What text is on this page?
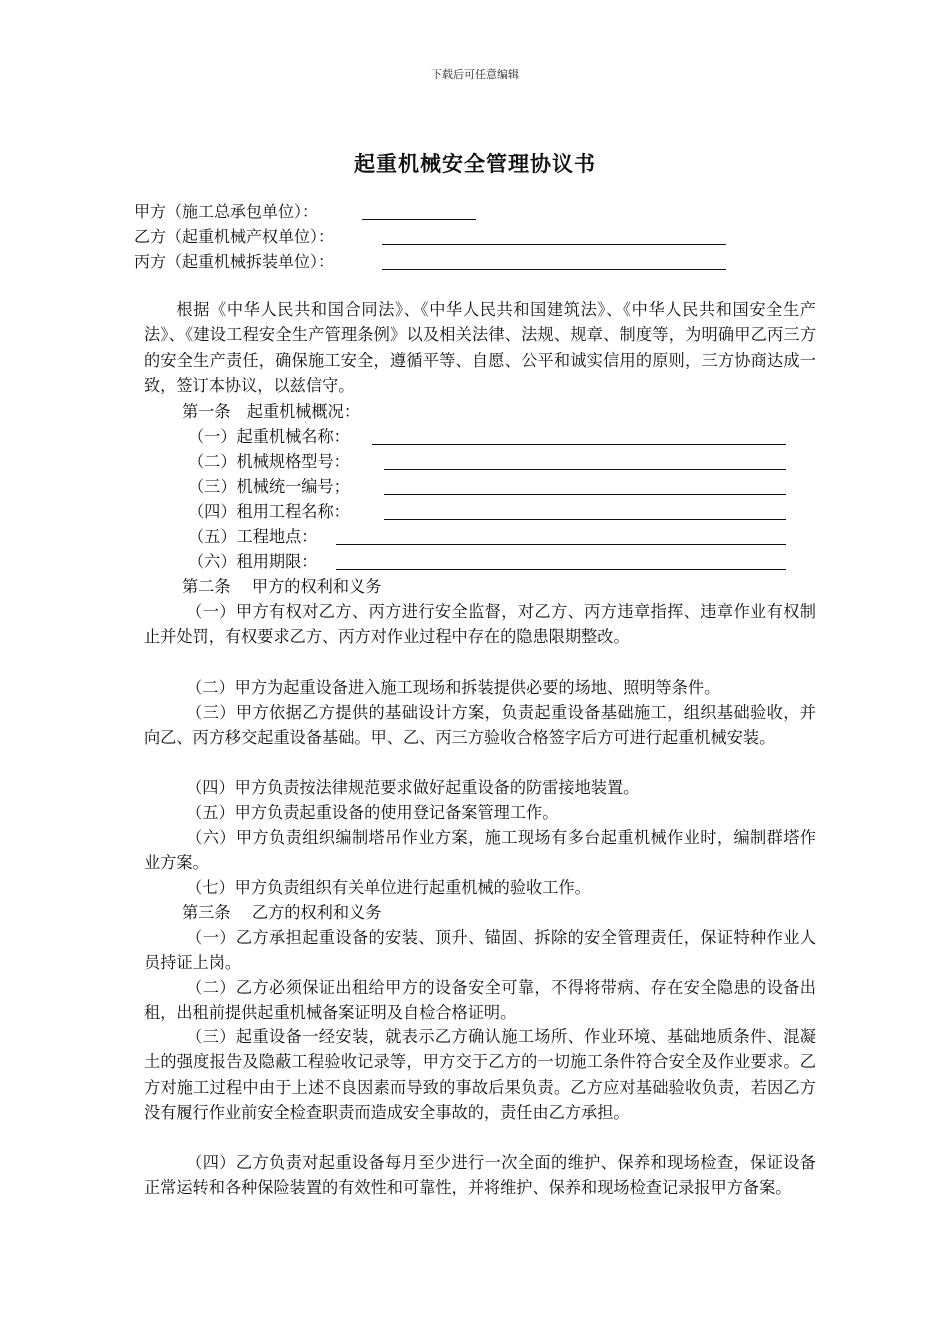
下载后可任意编辑
起重机械安全管理协议书
甲方（施工总承包单位）：
乙方（起重机械产权单位）：
丙方（起重机械拆装单位）：
根据《中华人民共和国合同法》、《中华人民共和国建筑法》、《中华人民共和国安全生产法》、《建设工程安全生产管理条例》以及相关法律、法规、规章、制度等，为明确甲乙丙三方的安全生产责任，确保施工安全，遵循平等、自愿、公平和诚实信用的原则，三方协商达成一致，签订本协议，以兹信守。
第一条　起重机械概况：
（一）起重机械名称：
（二）机械规格型号：
（三）机械统一编号；
（四）租用工程名称：
（五）工程地点：
（六）租用期限：
第二条　 甲方的权利和义务
（一）甲方有权对乙方、丙方进行安全监督，对乙方、丙方违章指挥、违章作业有权制止并处罚，有权要求乙方、丙方对作业过程中存在的隐患限期整改。
（二）甲方为起重设备进入施工现场和拆装提供必要的场地、照明等条件。
（三）甲方依据乙方提供的基础设计方案，负责起重设备基础施工，组织基础验收，并向乙、丙方移交起重设备基础。甲、乙、丙三方验收合格签字后方可进行起重机械安装。
（四）甲方负责按法律规范要求做好起重设备的防雷接地装置。
（五）甲方负责起重设备的使用登记备案管理工作。
（六）甲方负责组织编制塔吊作业方案，施工现场有多台起重机械作业时，编制群塔作业方案。
（七）甲方负责组织有关单位进行起重机械的验收工作。
第三条　 乙方的权利和义务
（一）乙方承担起重设备的安装、顶升、锚固、拆除的安全管理责任，保证特种作业人员持证上岗。
（二）乙方必须保证出租给甲方的设备安全可靠，不得将带病、存在安全隐患的设备出租，出租前提供起重机械备案证明及自检合格证明。
（三）起重设备一经安装，就表示乙方确认施工场所、作业环境、基础地质条件、混凝土的强度报告及隐蔽工程验收记录等，甲方交于乙方的一切施工条件符合安全及作业要求。乙方对施工过程中由于上述不良因素而导致的事故后果负责。乙方应对基础验收负责，若因乙方没有履行作业前安全检查职责而造成安全事故的，责任由乙方承担。
（四）乙方负责对起重设备每月至少进行一次全面的维护、保养和现场检查，保证设备正常运转和各种保险装置的有效性和可靠性，并将维护、保养和现场检查记录报甲方备案。
